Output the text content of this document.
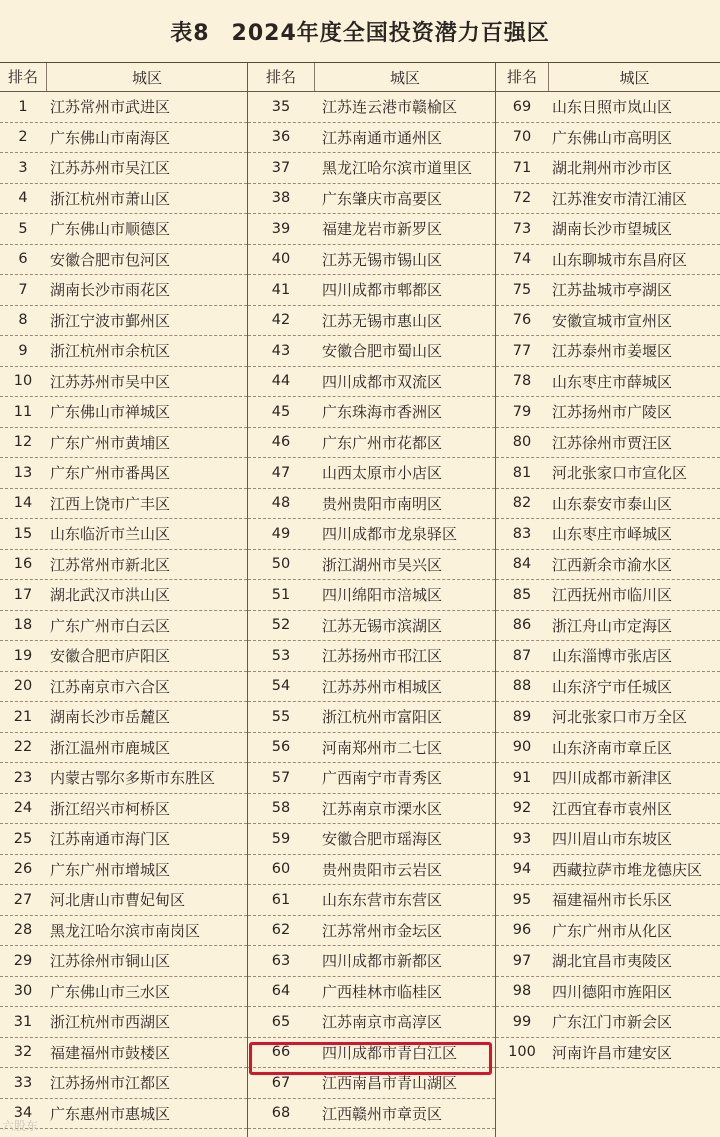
表8 2024年度全国投资潜力百强区
排名	城区
1	江苏常州市武进区
2	广东佛山市南海区
3	江苏苏州市吴江区
4	浙江杭州市萧山区
5	广东佛山市顺德区
6	安徽合肥市包河区
7	湖南长沙市雨花区
8	浙江宁波市鄞州区
9	浙江杭州市余杭区
10	江苏苏州市吴中区
11	广东佛山市禅城区
12	广东广州市黄埔区
13	广东广州市番禺区
14	江西上饶市广丰区
15	山东临沂市兰山区
16	江苏常州市新北区
17	湖北武汉市洪山区
18	广东广州市白云区
19	安徽合肥市庐阳区
20	江苏南京市六合区
21	湖南长沙市岳麓区
22	浙江温州市鹿城区
23	内蒙古鄂尔多斯市东胜区
24	浙江绍兴市柯桥区
25	江苏南通市海门区
26	广东广州市增城区
27	河北唐山市曹妃甸区
28	黑龙江哈尔滨市南岗区
29	江苏徐州市铜山区
30	广东佛山市三水区
31	浙江杭州市西湖区
32	福建福州市鼓楼区
33	江苏扬州市江都区
34	广东惠州市惠城区
排名	城区
35	江苏连云港市赣榆区
36	江苏南通市通州区
37	黑龙江哈尔滨市道里区
38	广东肇庆市高要区
39	福建龙岩市新罗区
40	江苏无锡市锡山区
41	四川成都市郫都区
42	江苏无锡市惠山区
43	安徽合肥市蜀山区
44	四川成都市双流区
45	广东珠海市香洲区
46	广东广州市花都区
47	山西太原市小店区
48	贵州贵阳市南明区
49	四川成都市龙泉驿区
50	浙江湖州市吴兴区
51	四川绵阳市涪城区
52	江苏无锡市滨湖区
53	江苏扬州市邗江区
54	江苏苏州市相城区
55	浙江杭州市富阳区
56	河南郑州市二七区
57	广西南宁市青秀区
58	江苏南京市溧水区
59	安徽合肥市瑶海区
60	贵州贵阳市云岩区
61	山东东营市东营区
62	江苏常州市金坛区
63	四川成都市新都区
64	广西桂林市临桂区
65	江苏南京市高淳区
66	四川成都市青白江区
67	江西南昌市青山湖区
68	江西赣州市章贡区
排名	城区
69	山东日照市岚山区
70	广东佛山市高明区
71	湖北荆州市沙市区
72	江苏淮安市清江浦区
73	湖南长沙市望城区
74	山东聊城市东昌府区
75	江苏盐城市亭湖区
76	安徽宣城市宣州区
77	江苏泰州市姜堰区
78	山东枣庄市薛城区
79	江苏扬州市广陵区
80	江苏徐州市贾汪区
81	河北张家口市宣化区
82	山东泰安市泰山区
83	山东枣庄市峄城区
84	江西新余市渝水区
85	江西抚州市临川区
86	浙江舟山市定海区
87	山东淄博市张店区
88	山东济宁市任城区
89	河北张家口市万全区
90	山东济南市章丘区
91	四川成都市新津区
92	江西宜春市袁州区
93	四川眉山市东坡区
94	西藏拉萨市堆龙德庆区
95	福建福州市长乐区
96	广东广州市从化区
97	湖北宜昌市夷陵区
98	四川德阳市旌阳区
99	广东江门市新会区
100	河南许昌市建安区
六股东
